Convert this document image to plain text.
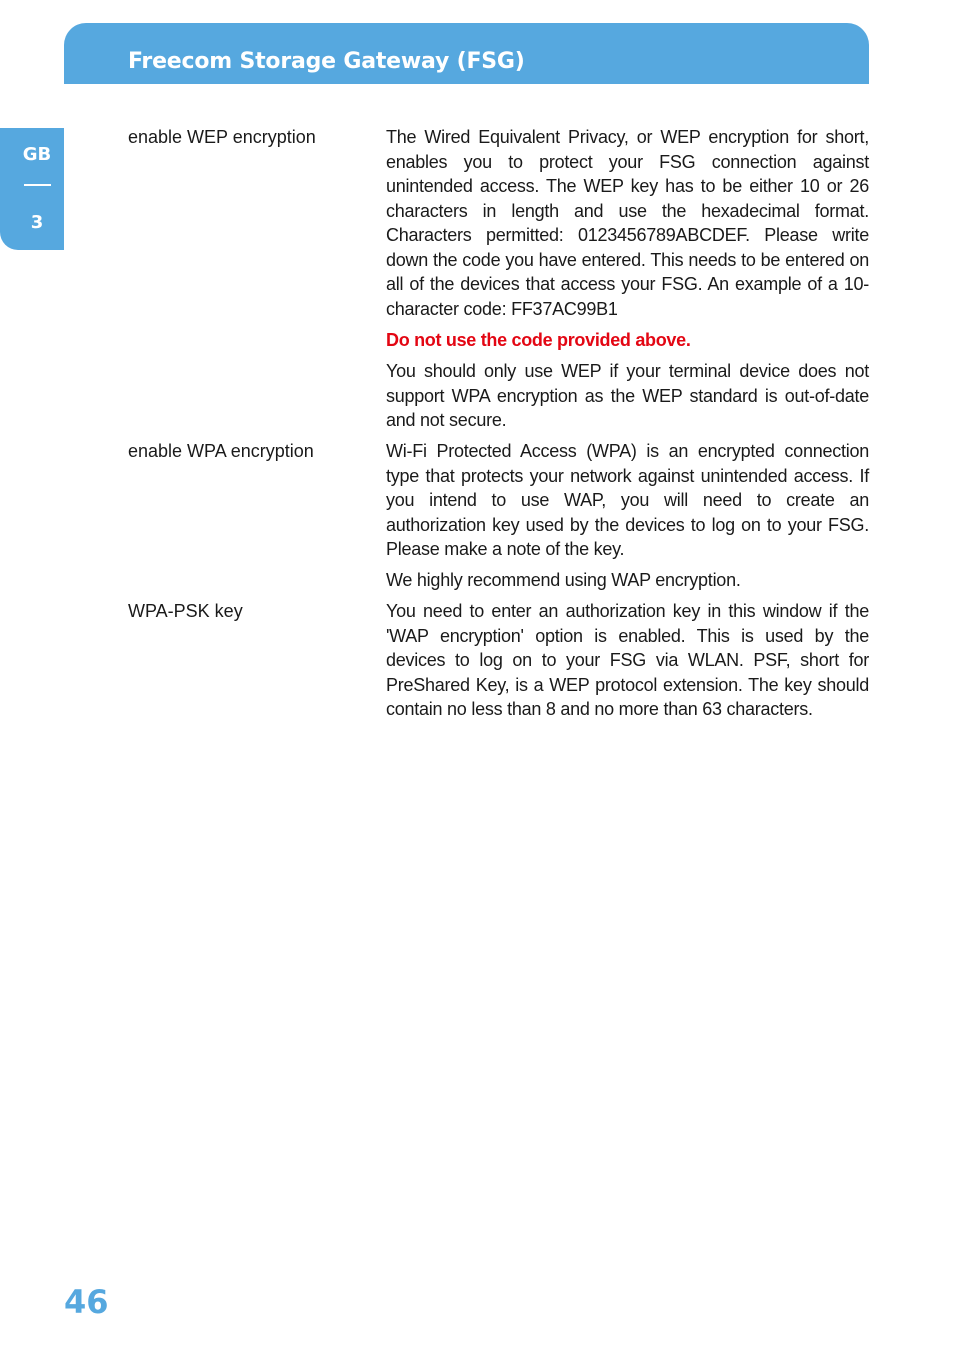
Freecom Storage Gateway (FSG)
GB
3
enable WEP encryption	The Wired Equivalent Privacy, or WEP encryption for short, enables you to protect your FSG connection against unintended access. The WEP key has to be either 10 or 26 characters in length and use the hexadecimal format. Characters permitted: 0123456789ABCDEF. Please write down the code you have entered. This needs to be entered on all of the devices that access your FSG. An example of a 10-character code: FF37AC99B1
Do not use the code provided above.
You should only use WEP if your terminal device does not support WPA encryption as the WEP standard is out-of-date and not secure.
enable WPA encryption	Wi-Fi Protected Access (WPA) is an encrypted connection type that protects your network against unintended access. If you intend to use WAP, you will need to create an authorization key used by the devices to log on to your FSG. Please make a note of the key.
We highly recommend using WAP encryption.
WPA-PSK key	You need to enter an authorization key in this window if the 'WAP encryption' option is enabled. This is used by the devices to log on to your FSG via WLAN. PSF, short for PreShared Key, is a WEP protocol extension. The key should contain no less than 8 and no more than 63 characters.
46
